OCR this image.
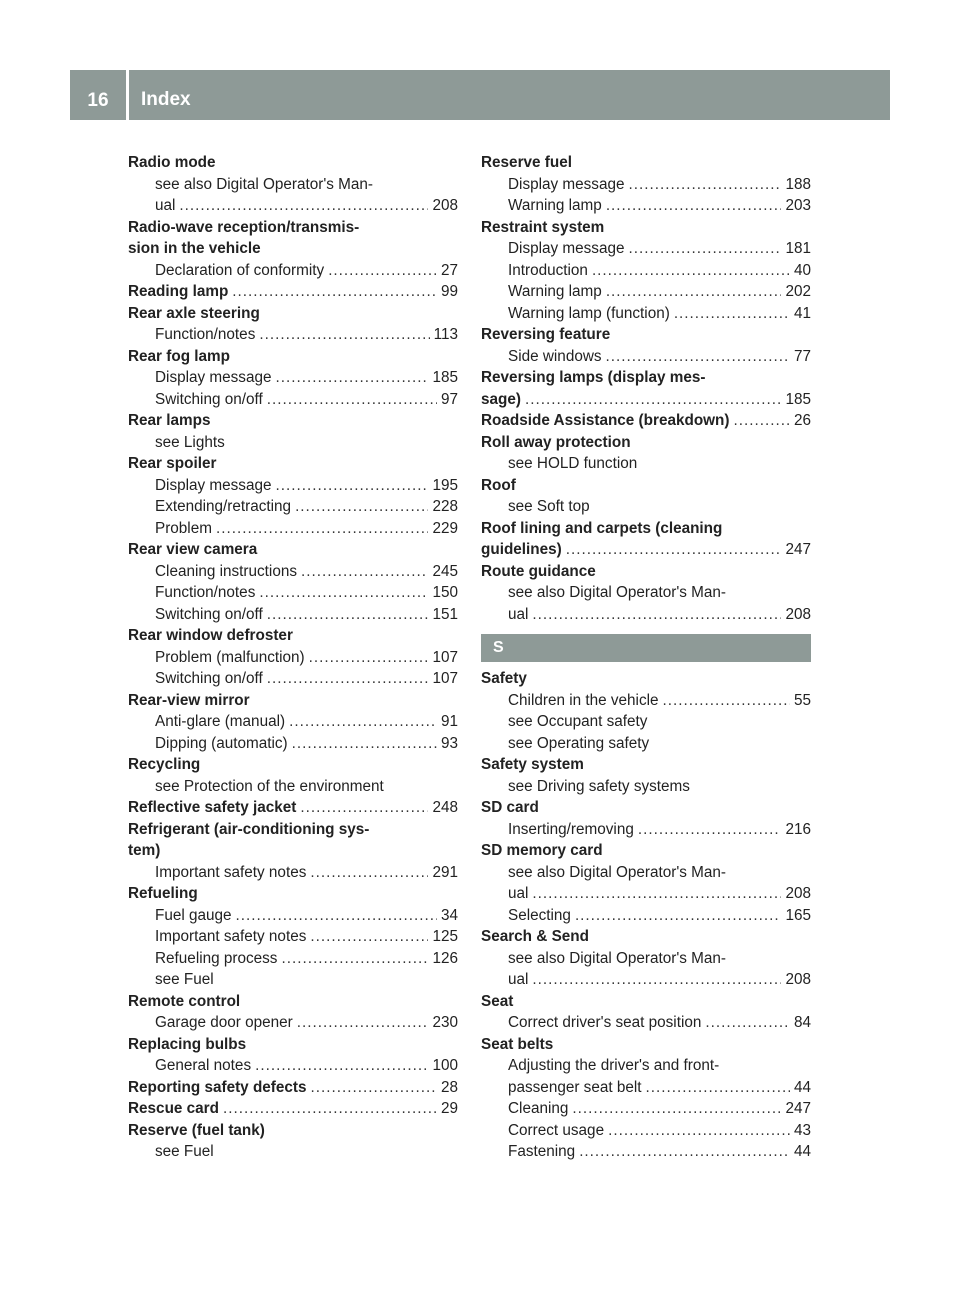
16	Index
Radio mode
see also Digital Operator's Man-
ual .....	208
Radio-wave reception/transmis-
sion in the vehicle
Declaration of conformity .....	27
Reading lamp .....	99
Rear axle steering
Function/notes .....	113
Rear fog lamp
Display message .....	185
Switching on/off .....	97
Rear lamps
see Lights
Rear spoiler
Display message .....	195
Extending/retracting .....	228
Problem .....	229
Rear view camera
Cleaning instructions .....	245
Function/notes .....	150
Switching on/off .....	151
Rear window defroster
Problem (malfunction) .....	107
Switching on/off .....	107
Rear-view mirror
Anti-glare (manual) .....	91
Dipping (automatic) .....	93
Recycling
see Protection of the environment
Reflective safety jacket .....	248
Refrigerant (air-conditioning sys-
tem)
Important safety notes .....	291
Refueling
Fuel gauge .....	34
Important safety notes .....	125
Refueling process .....	126
see Fuel
Remote control
Garage door opener .....	230
Replacing bulbs
General notes .....	100
Reporting safety defects .....	28
Rescue card .....	29
Reserve (fuel tank)
see Fuel
Reserve fuel
Display message .....	188
Warning lamp .....	203
Restraint system
Display message .....	181
Introduction .....	40
Warning lamp .....	202
Warning lamp (function) .....	41
Reversing feature
Side windows .....	77
Reversing lamps (display mes-
sage) .....	185
Roadside Assistance (breakdown) .....	26
Roll away protection
see HOLD function
Roof
see Soft top
Roof lining and carpets (cleaning
guidelines) .....	247
Route guidance
see also Digital Operator's Man-
ual .....	208
S
Safety
Children in the vehicle .....	55
see Occupant safety
see Operating safety
Safety system
see Driving safety systems
SD card
Inserting/removing .....	216
SD memory card
see also Digital Operator's Man-
ual .....	208
Selecting .....	165
Search & Send
see also Digital Operator's Man-
ual .....	208
Seat
Correct driver's seat position .....	84
Seat belts
Adjusting the driver's and front-
passenger seat belt .....	44
Cleaning .....	247
Correct usage .....	43
Fastening .....	44
